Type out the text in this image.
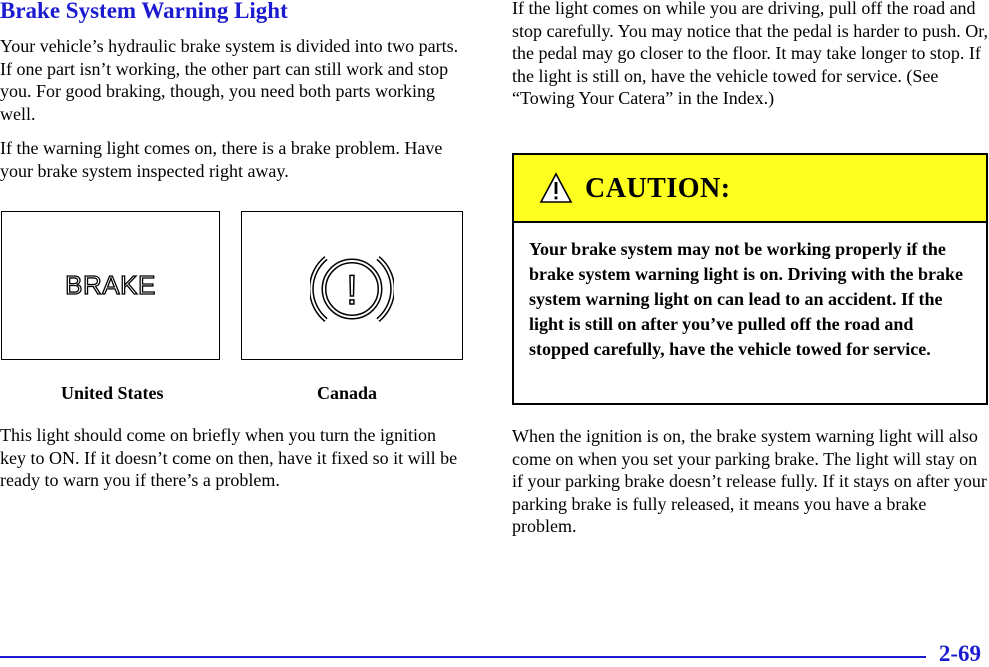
Brake System Warning Light
Your vehicle’s hydraulic brake system is divided into two parts. If one part isn’t working, the other part can still work and stop you. For good braking, though, you need both parts working well.
If the warning light comes on, there is a brake problem. Have your brake system inspected right away.
BRAKE	!
United States	Canada
This light should come on briefly when you turn the ignition key to ON. If it doesn’t come on then, have it fixed so it will be ready to warn you if there’s a problem.
If the light comes on while you are driving, pull off the road and stop carefully. You may notice that the pedal is harder to push. Or, the pedal may go closer to the floor. It may take longer to stop. If the light is still on, have the vehicle towed for service. (See “Towing Your Catera” in the Index.)
CAUTION:
Your brake system may not be working properly if the brake system warning light is on. Driving with the brake system warning light on can lead to an accident. If the light is still on after you’ve pulled off the road and stopped carefully, have the vehicle towed for service.
When the ignition is on, the brake system warning light will also come on when you set your parking brake. The light will stay on if your parking brake doesn’t release fully. If it stays on after your parking brake is fully released, it means you have a brake problem.
2-69
